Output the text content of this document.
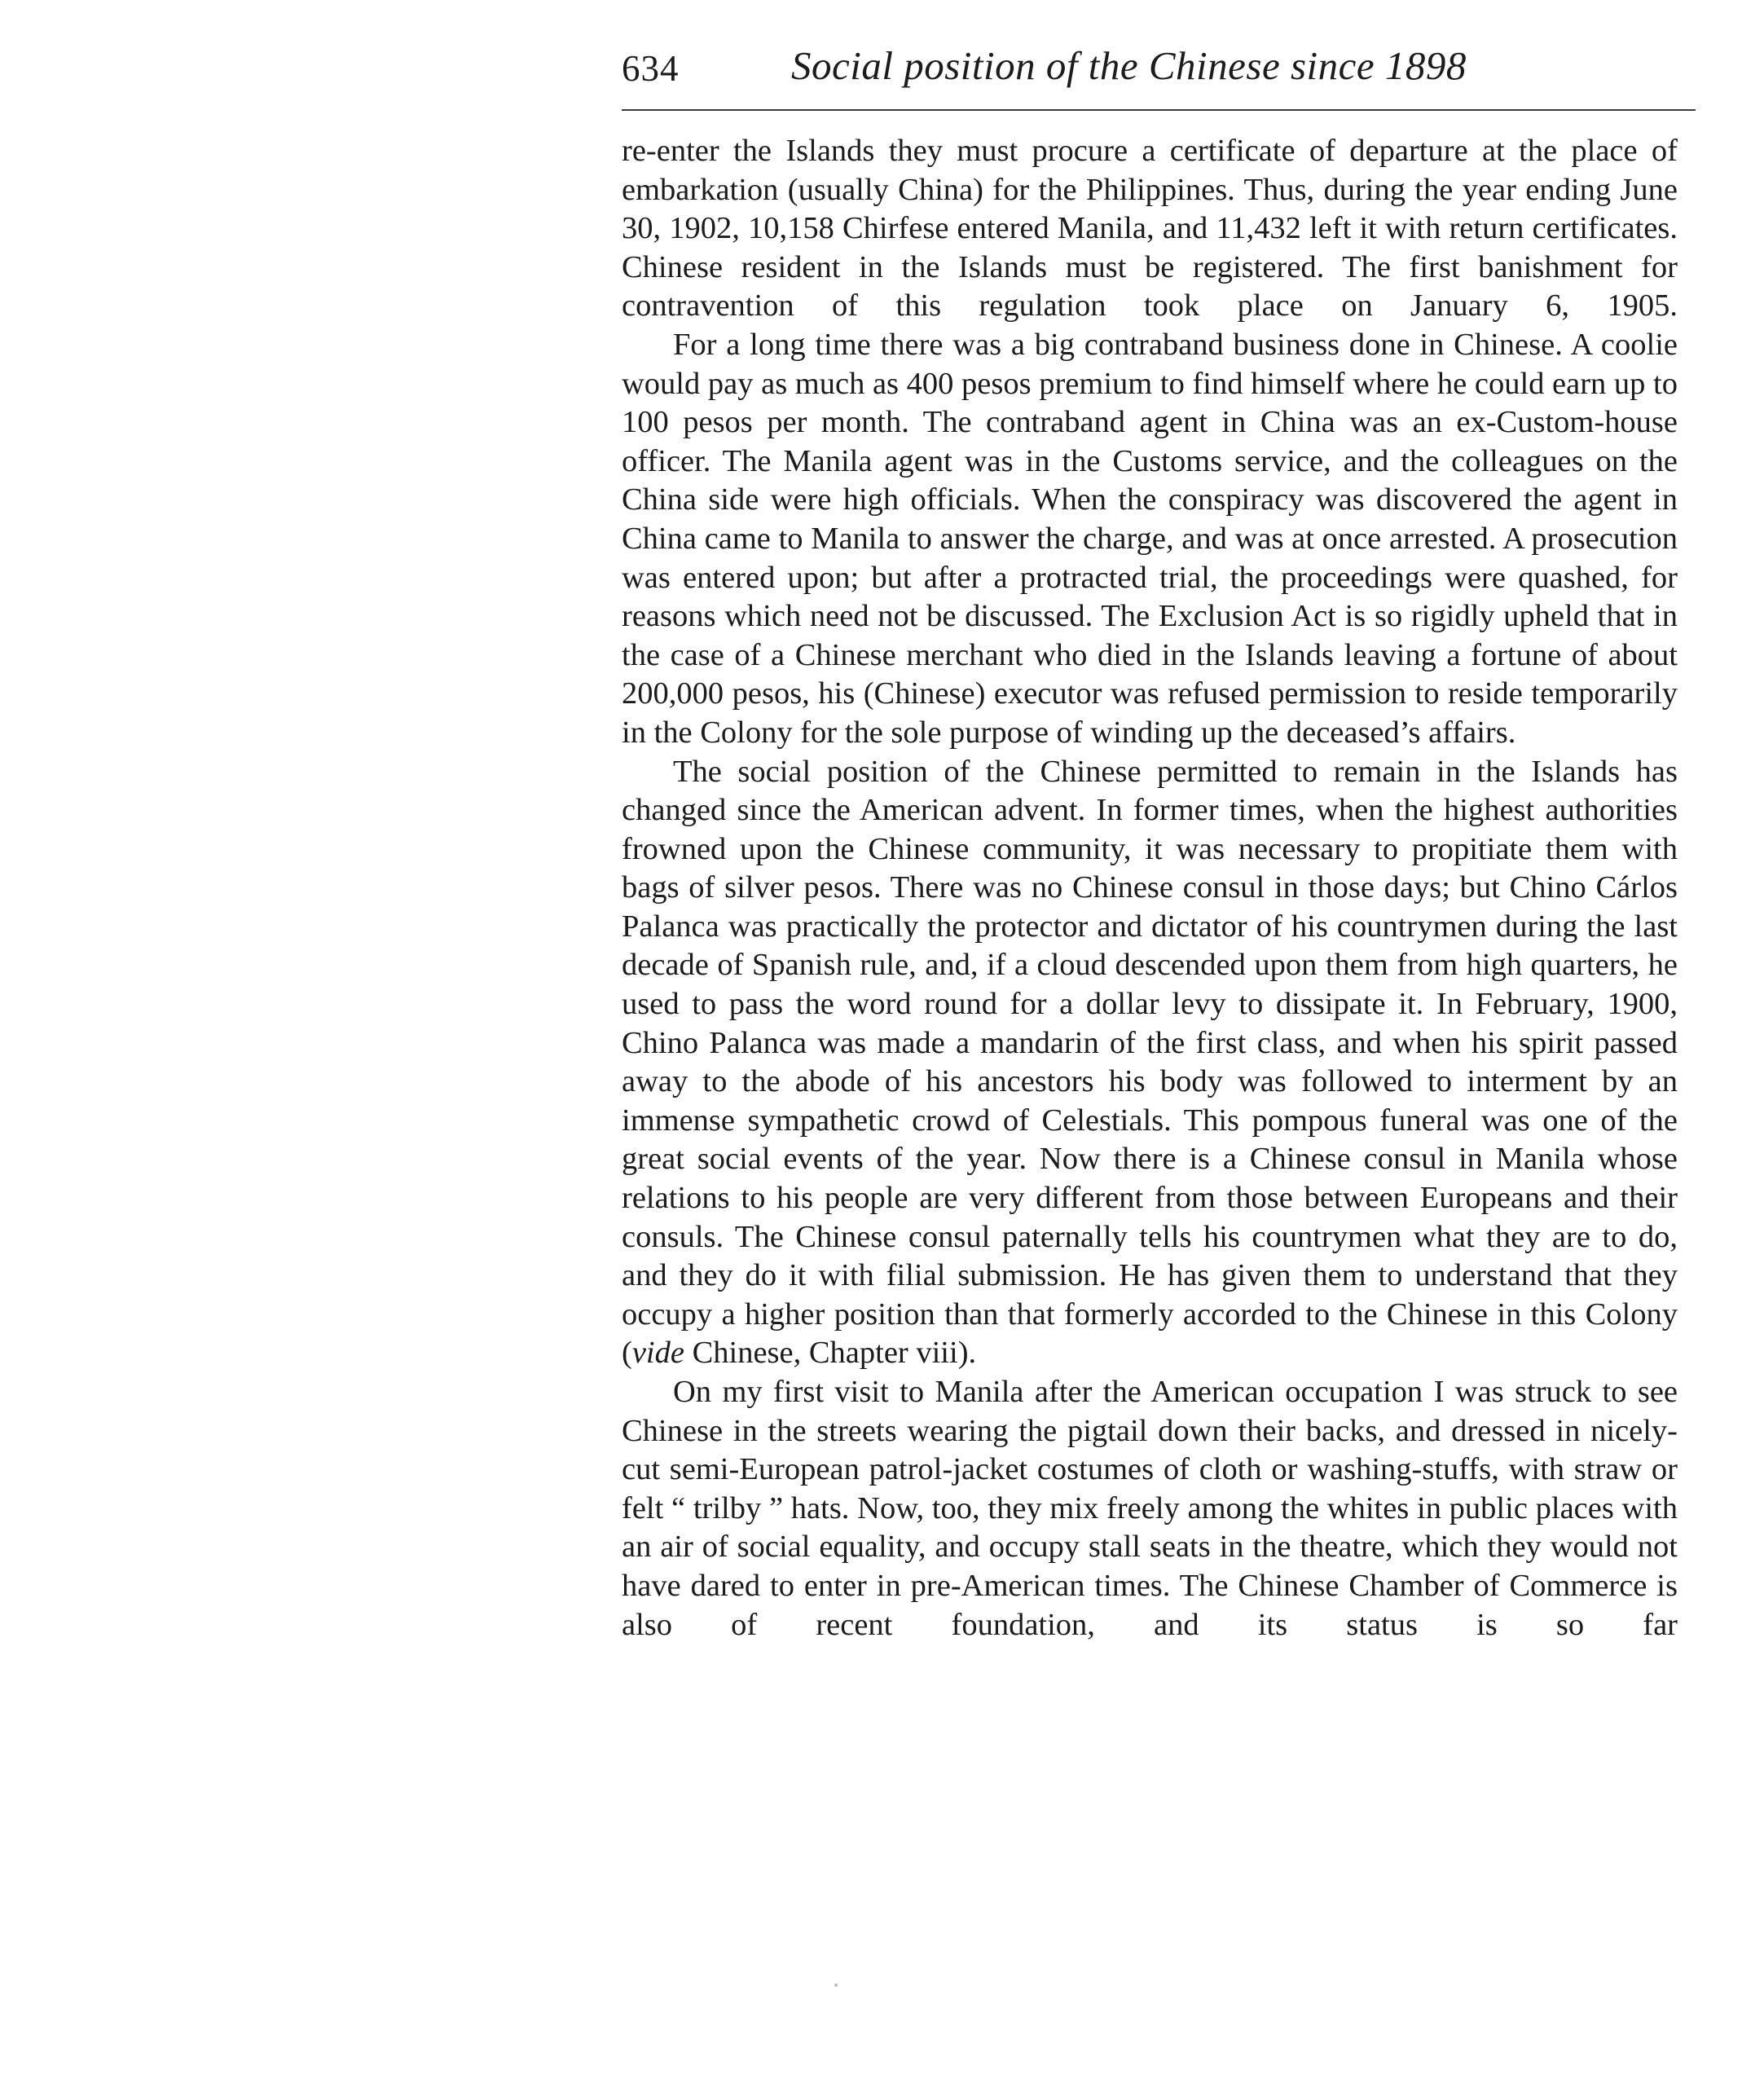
634	Social position of the Chinese since 1898

re-enter the Islands they must procure a certificate of departure at the place of embarkation (usually China) for the Philippines. Thus, during the year ending June 30, 1902, 10,158 Chirfese entered Manila, and 11,432 left it with return certificates. Chinese resident in the Islands must be registered. The first banishment for contravention of this regulation took place on January 6, 1905.

For a long time there was a big contraband business done in Chinese. A coolie would pay as much as 400 pesos premium to find himself where he could earn up to 100 pesos per month. The contraband agent in China was an ex-Custom-house officer. The Manila agent was in the Customs service, and the colleagues on the China side were high officials. When the conspiracy was discovered the agent in China came to Manila to answer the charge, and was at once arrested. A prosecution was entered upon; but after a protracted trial, the proceedings were quashed, for reasons which need not be discussed. The Exclusion Act is so rigidly upheld that in the case of a Chinese merchant who died in the Islands leaving a fortune of about 200,000 pesos, his (Chinese) executor was refused permission to reside temporarily in the Colony for the sole purpose of winding up the deceased’s affairs.

The social position of the Chinese permitted to remain in the Islands has changed since the American advent. In former times, when the highest authorities frowned upon the Chinese community, it was necessary to propitiate them with bags of silver pesos. There was no Chinese consul in those days; but Chino Cárlos Palanca was practically the protector and dictator of his countrymen during the last decade of Spanish rule, and, if a cloud descended upon them from high quarters, he used to pass the word round for a dollar levy to dissipate it. In February, 1900, Chino Palanca was made a mandarin of the first class, and when his spirit passed away to the abode of his ancestors his body was followed to interment by an immense sympathetic crowd of Celestials. This pompous funeral was one of the great social events of the year. Now there is a Chinese consul in Manila whose relations to his people are very different from those between Europeans and their consuls. The Chinese consul paternally tells his countrymen what they are to do, and they do it with filial submission. He has given them to understand that they occupy a higher position than that formerly accorded to the Chinese in this Colony (vide Chinese, Chapter viii).

On my first visit to Manila after the American occupation I was struck to see Chinese in the streets wearing the pigtail down their backs, and dressed in nicely-cut semi-European patrol-jacket costumes of cloth or washing-stuffs, with straw or felt “ trilby ” hats. Now, too, they mix freely among the whites in public places with an air of social equality, and occupy stall seats in the theatre, which they would not have dared to enter in pre-American times. The Chinese Chamber of Commerce is also of recent foundation, and its status is so far
